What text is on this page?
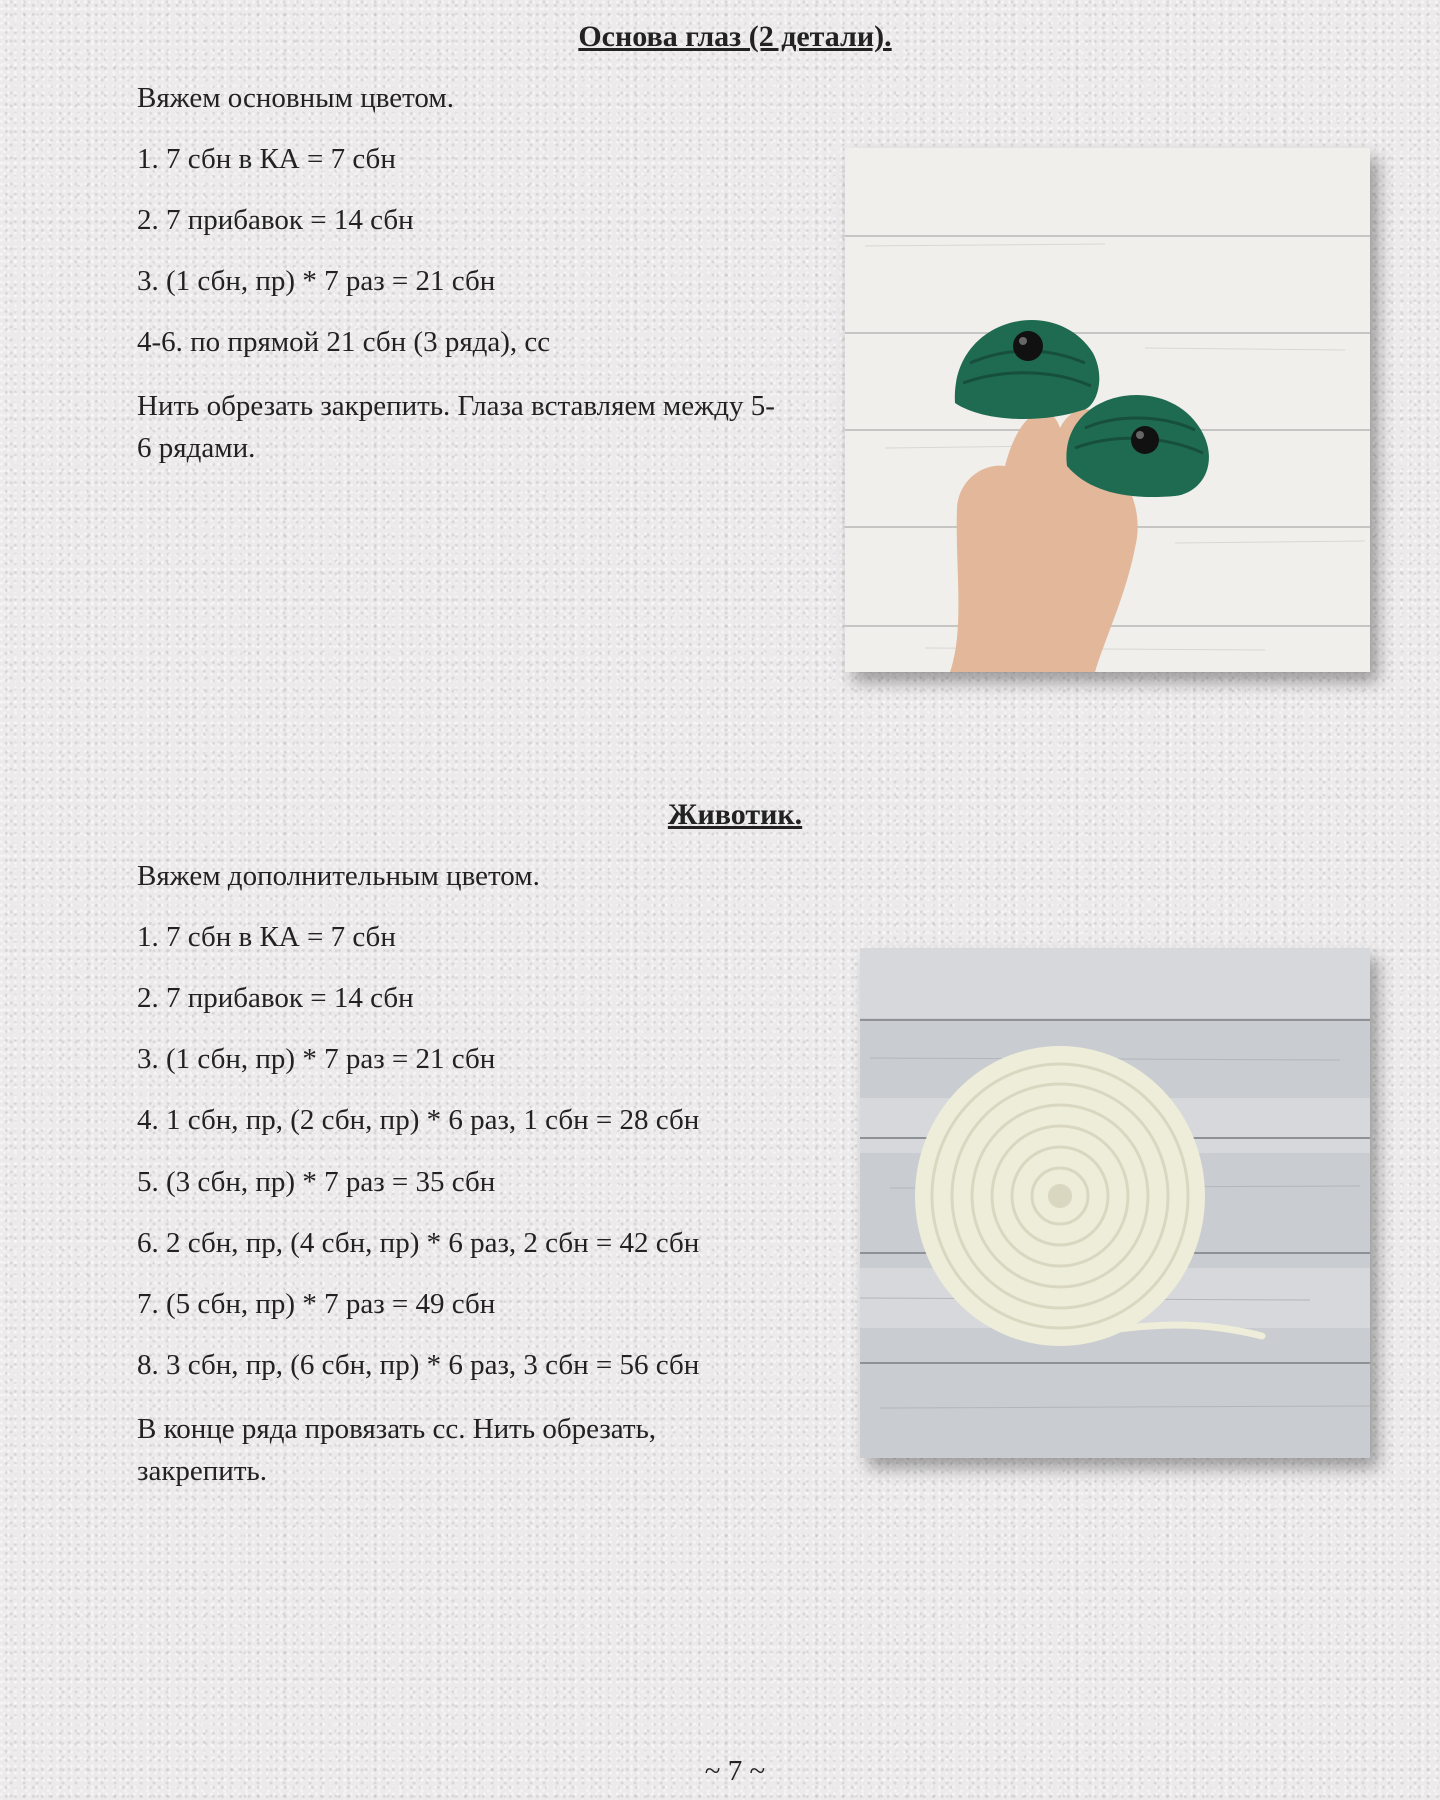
Основа глаз (2 детали).

Вяжем основным цветом.

1. 7 сбн в КА = 7 сбн

2. 7 прибавок = 14 сбн

3. (1 сбн, пр) * 7 раз = 21 сбн

4-6. по прямой 21 сбн (3 ряда), сс

Нить обрезать закрепить. Глаза вставляем между 5-6 рядами.

Животик.

Вяжем дополнительным цветом.

1. 7 сбн в КА = 7 сбн

2. 7 прибавок = 14 сбн

3. (1 сбн, пр) * 7 раз = 21 сбн

4. 1 сбн, пр, (2 сбн, пр) * 6 раз, 1 сбн = 28 сбн

5. (3 сбн, пр) * 7 раз = 35 сбн

6. 2 сбн, пр, (4 сбн, пр) * 6 раз, 2 сбн = 42 сбн

7. (5 сбн, пр) * 7 раз = 49 сбн

8. 3 сбн, пр, (6 сбн, пр) * 6 раз, 3 сбн = 56 сбн

В конце ряда провязать сс. Нить обрезать, закрепить.

~ 7 ~
